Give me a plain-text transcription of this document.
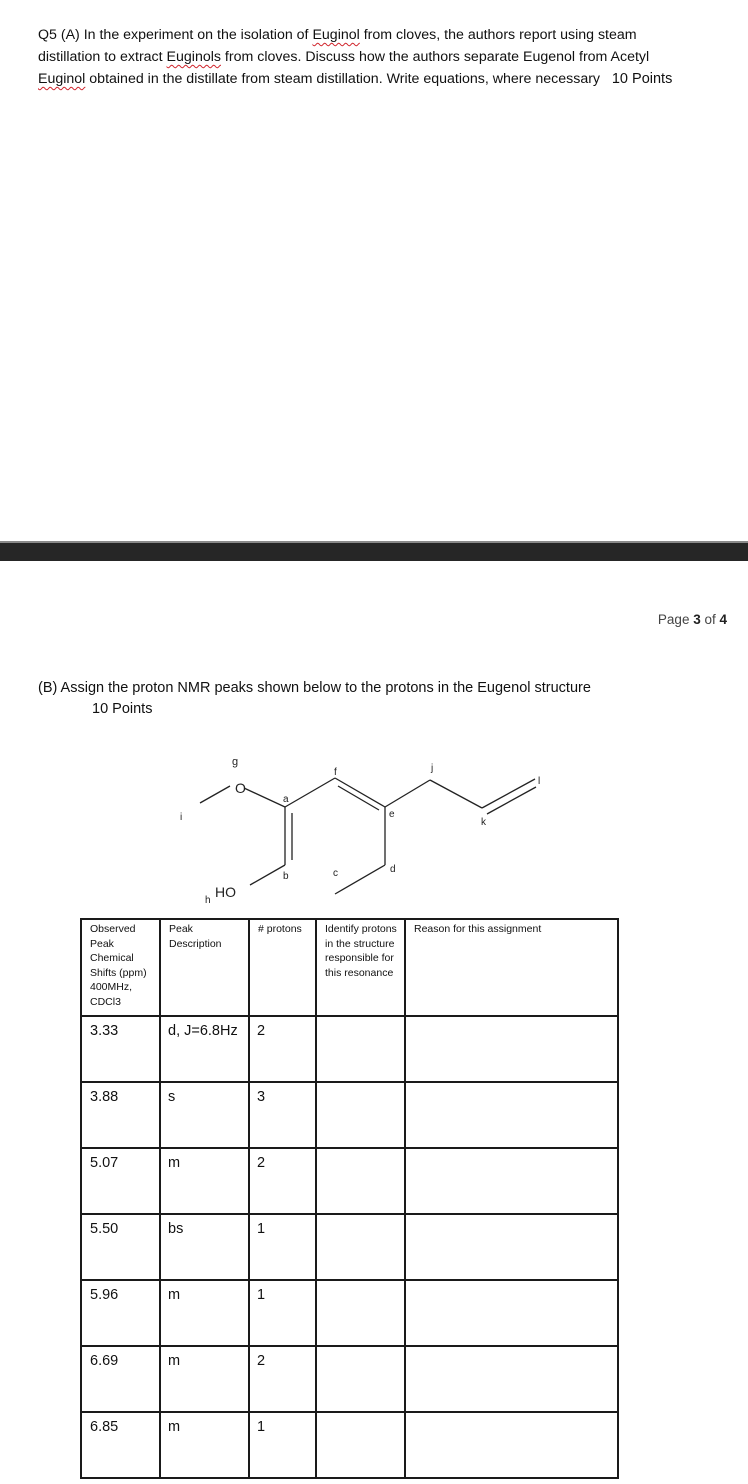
Q5 (A) In the experiment on the isolation of Euginol from cloves, the authors report using steam
distillation to extract Euginols from cloves. Discuss how the authors separate Eugenol from Acetyl
Euginol obtained in the distillate from steam distillation. Write equations, where necessary 10 Points
Page 3 of 4
(B) Assign the proton NMR peaks shown below to the protons in the Eugenol structure
10 Points
O
g
i
a
b	c	d
e
f	j
k
l
h
HO
Observed Peak Chemical Shifts (ppm) 400MHz, CDCl3	Peak Description	# protons	Identify protons in the structure responsible for this resonance	Reason for this assignment
3.33	d, J=6.8Hz	2		
3.88	s	3		
5.07	m	2		
5.50	bs	1		
5.96	m	1		
6.69	m	2		
6.85	m	1		
